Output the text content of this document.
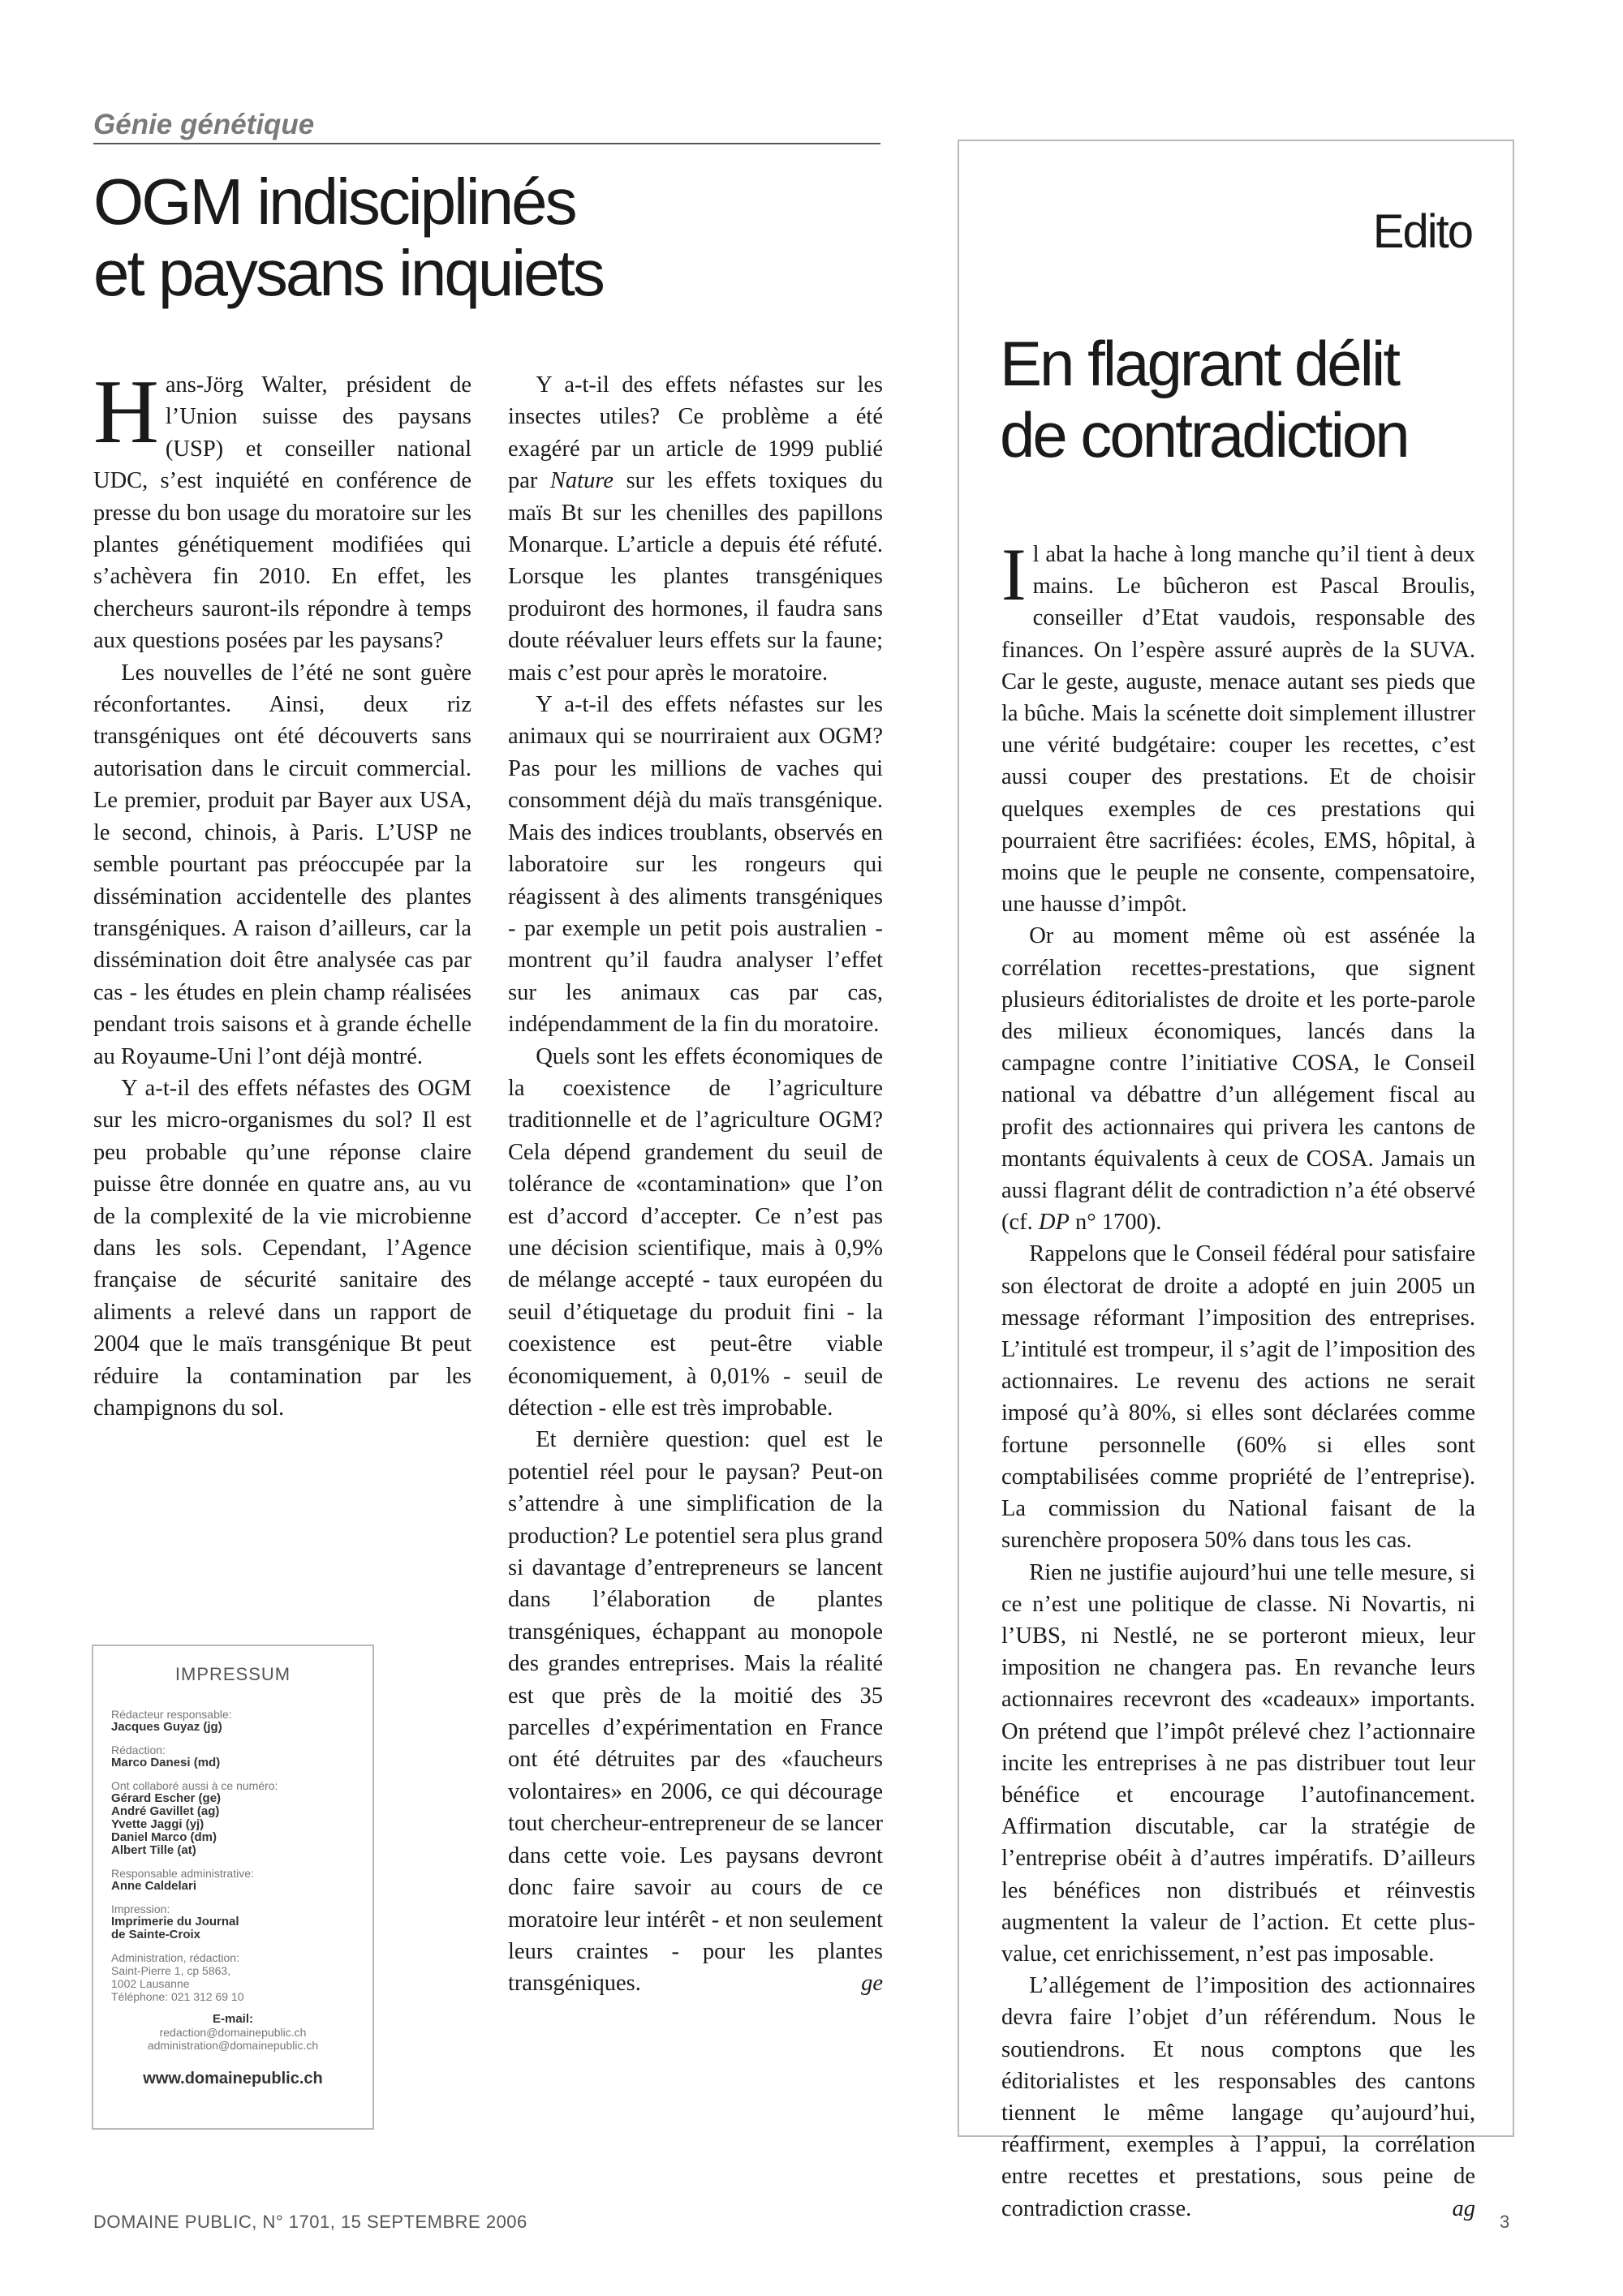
Génie génétique
OGM indisciplinés
et paysans inquiets

Hans-Jörg Walter, président de l’Union suisse des paysans (USP) et conseiller national UDC, s’est inquiété en conférence de presse du bon usage du moratoire sur les plantes génétiquement modifiées qui s’achèvera fin 2010. En effet, les chercheurs sauront-ils répondre à temps aux questions posées par les paysans?

Les nouvelles de l’été ne sont guère réconfortantes. Ainsi, deux riz transgéniques ont été découverts sans autorisation dans le circuit commercial. Le premier, produit par Bayer aux USA, le second, chinois, à Paris. L’USP ne semble pourtant pas préoccupée par la dissémination accidentelle des plantes transgéniques. A raison d’ailleurs, car la dissémination doit être analysée cas par cas - les études en plein champ réalisées pendant trois saisons et à grande échelle au Royaume-Uni l’ont déjà montré.

Y a-t-il des effets néfastes des OGM sur les micro-organismes du sol? Il est peu probable qu’une réponse claire puisse être donnée en quatre ans, au vu de la complexité de la vie microbienne dans les sols. Cependant, l’Agence française de sécurité sanitaire des aliments a relevé dans un rapport de 2004 que le maïs transgénique Bt peut réduire la contamination par les champignons du sol.

Y a-t-il des effets néfastes sur les insectes utiles? Ce problème a été exagéré par un article de 1999 publié par Nature sur les effets toxiques du maïs Bt sur les chenilles des papillons Monarque. L’article a depuis été réfuté. Lorsque les plantes transgéniques produiront des hormones, il faudra sans doute réévaluer leurs effets sur la faune; mais c’est pour après le moratoire.

Y a-t-il des effets néfastes sur les animaux qui se nourriraient aux OGM? Pas pour les millions de vaches qui consomment déjà du maïs transgénique. Mais des indices troublants, observés en laboratoire sur les rongeurs qui réagissent à des aliments transgéniques - par exemple un petit pois australien - montrent qu’il faudra analyser l’effet sur les animaux cas par cas, indépendamment de la fin du moratoire.

Quels sont les effets économiques de la coexistence de l’agriculture traditionnelle et de l’agriculture OGM? Cela dépend grandement du seuil de tolérance de «contamination» que l’on est d’accord d’accepter. Ce n’est pas une décision scientifique, mais à 0,9% de mélange accepté - taux européen du seuil d’étiquetage du produit fini - la coexistence est peut-être viable économiquement, à 0,01% - seuil de détection - elle est très improbable.

Et dernière question: quel est le potentiel réel pour le paysan? Peut-on s’attendre à une simplification de la production? Le potentiel sera plus grand si davantage d’entrepreneurs se lancent dans l’élaboration de plantes transgéniques, échappant au monopole des grandes entreprises. Mais la réalité est que près de la moitié des 35 parcelles d’expérimentation en France ont été détruites par des «faucheurs volontaires» en 2006, ce qui décourage tout chercheur-entrepreneur de se lancer dans cette voie. Les paysans devront donc faire savoir au cours de ce moratoire leur intérêt - et non seulement leurs craintes - pour les plantes transgéniques.	ge

IMPRESSUM
Rédacteur responsable:
Jacques Guyaz (jg)
Rédaction:
Marco Danesi (md)
Ont collaboré aussi à ce numéro:
Gérard Escher (ge)
André Gavillet (ag)
Yvette Jaggi (yj)
Daniel Marco (dm)
Albert Tille (at)
Responsable administrative:
Anne Caldelari
Impression:
Imprimerie du Journal
de Sainte-Croix
Administration, rédaction:
Saint-Pierre 1, cp 5863,
1002 Lausanne
Téléphone: 021 312 69 10
E-mail:
redaction@domainepublic.ch
administration@domainepublic.ch
www.domainepublic.ch
Edito
En flagrant délit
de contradiction

Il abat la hache à long manche qu’il tient à deux mains. Le bûcheron est Pascal Broulis, conseiller d’Etat vaudois, responsable des finances. On l’espère assuré auprès de la SUVA. Car le geste, auguste, menace autant ses pieds que la bûche. Mais la scénette doit simplement illustrer une vérité budgétaire: couper les recettes, c’est aussi couper des prestations. Et de choisir quelques exemples de ces prestations qui pourraient être sacrifiées: écoles, EMS, hôpital, à moins que le peuple ne consente, compensatoire, une hausse d’impôt.

Or au moment même où est assénée la corrélation recettes-prestations, que signent plusieurs éditorialistes de droite et les porte-parole des milieux économiques, lancés dans la campagne contre l’initiative COSA, le Conseil national va débattre d’un allégement fiscal au profit des actionnaires qui privera les cantons de montants équivalents à ceux de COSA. Jamais un aussi flagrant délit de contradiction n’a été observé (cf. DP n° 1700).

Rappelons que le Conseil fédéral pour satisfaire son électorat de droite a adopté en juin 2005 un message réformant l’imposition des entreprises. L’intitulé est trompeur, il s’agit de l’imposition des actionnaires. Le revenu des actions ne serait imposé qu’à 80%, si elles sont déclarées comme fortune personnelle (60% si elles sont comptabilisées comme propriété de l’entreprise). La commission du National faisant de la surenchère proposera 50% dans tous les cas.

Rien ne justifie aujourd’hui une telle mesure, si ce n’est une politique de classe. Ni Novartis, ni l’UBS, ni Nestlé, ne se porteront mieux, leur imposition ne changera pas. En revanche leurs actionnaires recevront des «cadeaux» importants. On prétend que l’impôt prélevé chez l’actionnaire incite les entreprises à ne pas distribuer tout leur bénéfice et encourage l’autofinancement. Affirmation discutable, car la stratégie de l’entreprise obéit à d’autres impératifs. D’ailleurs les bénéfices non distribués et réinvestis augmentent la valeur de l’action. Et cette plus-value, cet enrichissement, n’est pas imposable.

L’allégement de l’imposition des actionnaires devra faire l’objet d’un référendum. Nous le soutiendrons. Et nous comptons que les éditorialistes et les responsables des cantons tiennent le même langage qu’aujourd’hui, réaffirment, exemples à l’appui, la corrélation entre recettes et prestations, sous peine de contradiction crasse.	ag

DOMAINE PUBLIC, N° 1701, 15 SEPTEMBRE 2006	3
